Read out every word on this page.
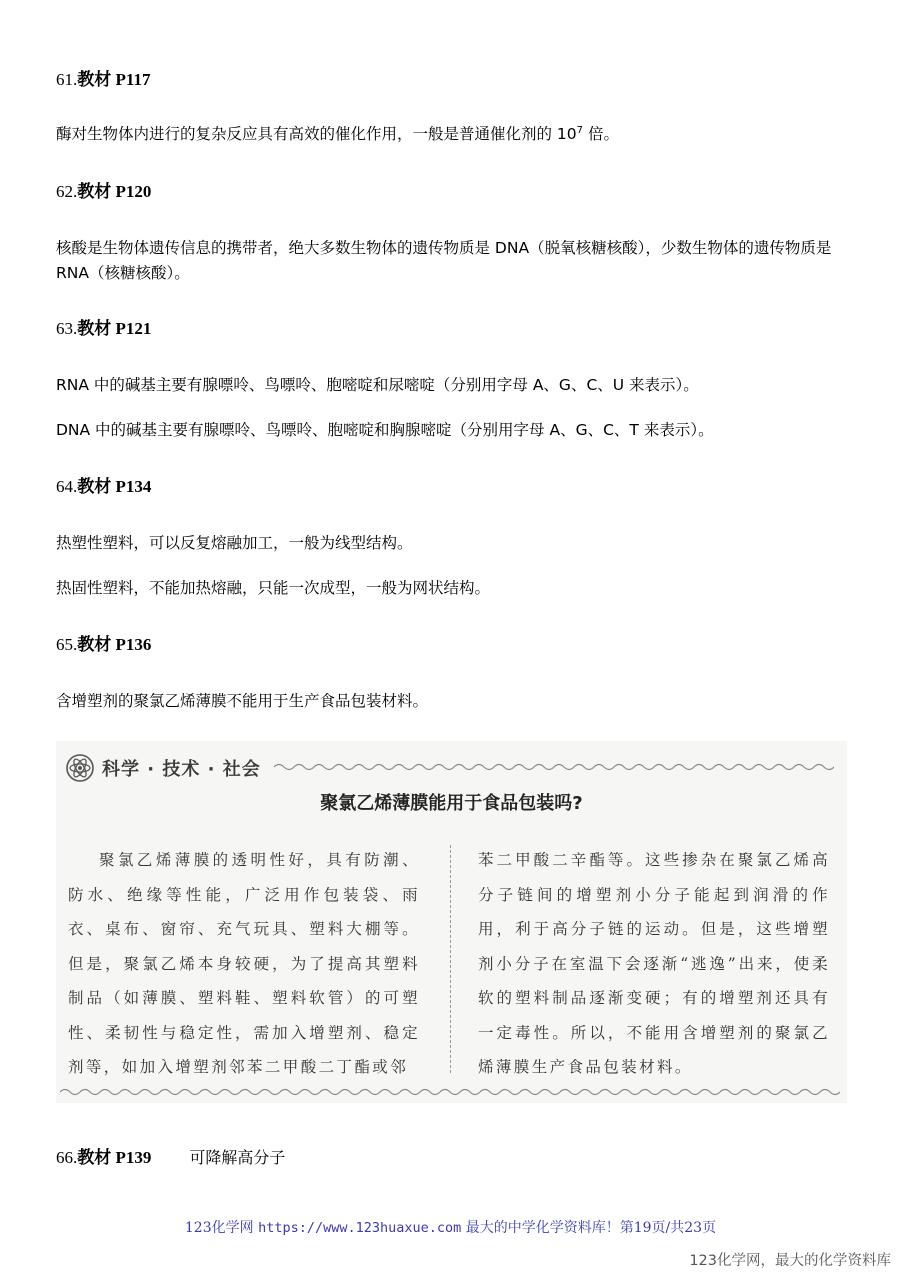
61.教材 P117

酶对生物体内进行的复杂反应具有高效的催化作用，一般是普通催化剂的 $10^7$ 倍。

62.教材 P120

核酸是生物体遗传信息的携带者，绝大多数生物体的遗传物质是 DNA（脱氧核糖核酸），少数生物体的遗传物质是 RNA（核糖核酸）。

63.教材 P121

RNA 中的碱基主要有腺嘌呤、鸟嘌呤、胞嘧啶和尿嘧啶（分别用字母 A、G、C、U 来表示）。

DNA 中的碱基主要有腺嘌呤、鸟嘌呤、胞嘧啶和胸腺嘧啶（分别用字母 A、G、C、T 来表示）。

64.教材 P134

热塑性塑料，可以反复熔融加工，一般为线型结构。

热固性塑料，不能加热熔融，只能一次成型，一般为网状结构。

65.教材 P136

含增塑剂的聚氯乙烯薄膜不能用于生产食品包装材料。

科学 · 技术 · 社会
聚氯乙烯薄膜能用于食品包装吗?
聚氯乙烯薄膜的透明性好，具有防潮、防水、绝缘等性能，广泛用作包装袋、雨衣、桌布、窗帘、充气玩具、塑料大棚等。但是，聚氯乙烯本身较硬，为了提高其塑料制品（如薄膜、塑料鞋、塑料软管）的可塑性、柔韧性与稳定性，需加入增塑剂、稳定剂等，如加入增塑剂邻苯二甲酸二丁酯或邻
苯二甲酸二辛酯等。这些掺杂在聚氯乙烯高分子链间的增塑剂小分子能起到润滑的作用，利于高分子链的运动。但是，这些增塑剂小分子在室温下会逐渐“逃逸”出来，使柔软的塑料制品逐渐变硬；有的增塑剂还具有一定毒性。所以，不能用含增塑剂的聚氯乙烯薄膜生产食品包装材料。
66.教材 P139 可降解高分子
123化学网 https://www.123huaxue.com 最大的中学化学资料库！第19页/共23页
123化学网，最大的化学资料库
